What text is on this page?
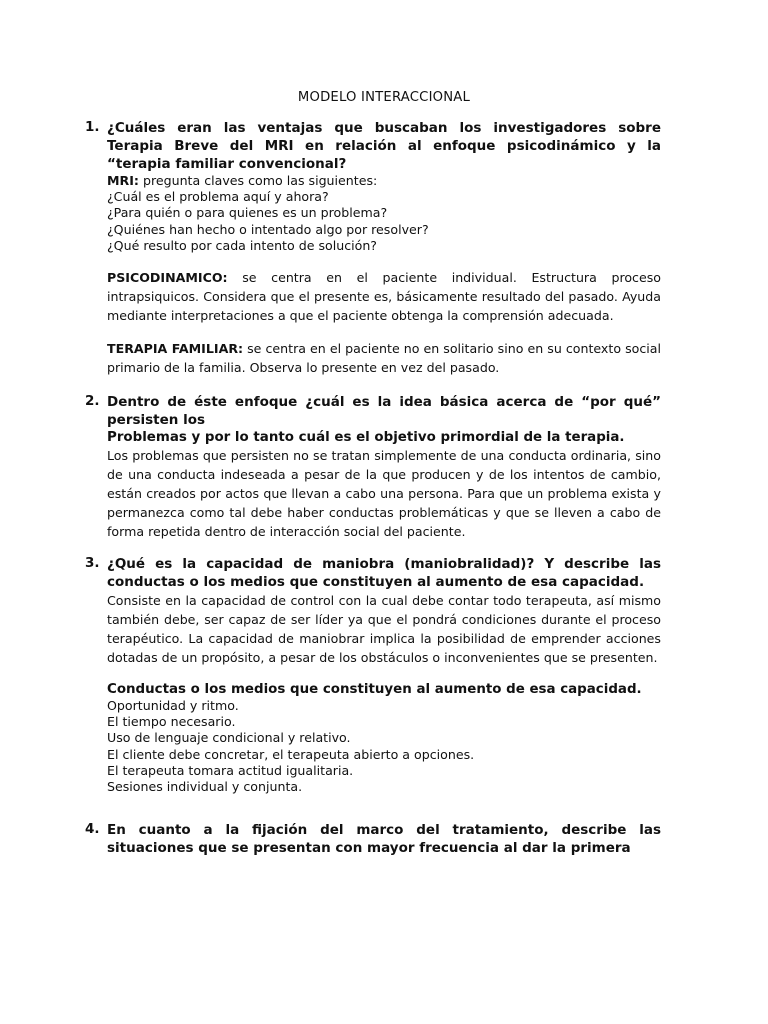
MODELO INTERACCIONAL
1. ¿Cuáles eran las ventajas que buscaban los investigadores sobre Terapia Breve del MRI en relación al enfoque psicodinámico y la “terapia familiar convencional?

MRI: pregunta claves como las siguientes:

¿Cuál es el problema aquí y ahora?

¿Para quién o para quienes es un problema?

¿Quiénes han hecho o intentado algo por resolver?

¿Qué resulto por cada intento de solución?

PSICODINAMICO: se centra en el paciente individual. Estructura proceso intrapsiquicos. Considera que el presente es, básicamente resultado del pasado. Ayuda mediante interpretaciones a que el paciente obtenga la comprensión adecuada.

TERAPIA FAMILIAR: se centra en el paciente no en solitario sino en su contexto social primario de la familia. Observa lo presente en vez del pasado.

2. Dentro de éste enfoque ¿cuál es la idea básica acerca de “por qué” persisten los

Problemas y por lo tanto cuál es el objetivo primordial de la terapia.

Los problemas que persisten no se tratan simplemente de una conducta ordinaria, sino de una conducta indeseada a pesar de la que producen y de los intentos de cambio, están creados por actos que llevan a cabo una persona. Para que un problema exista y permanezca como tal debe haber conductas problemáticas y que se lleven a cabo de forma repetida dentro de interacción social del paciente.

3. ¿Qué es la capacidad de maniobra (maniobralidad)? Y describe las conductas o los medios que constituyen al aumento de esa capacidad.

Consiste en la capacidad de control con la cual debe contar todo terapeuta, así mismo también debe, ser capaz de ser líder ya que el pondrá condiciones durante el proceso terapéutico. La capacidad de maniobrar implica la posibilidad de emprender acciones dotadas de un propósito, a pesar de los obstáculos o inconvenientes que se presenten.

Conductas o los medios que constituyen al aumento de esa capacidad.

Oportunidad y ritmo.

El tiempo necesario.

Uso de lenguaje condicional y relativo.

El cliente debe concretar, el terapeuta abierto a opciones.

El terapeuta tomara actitud igualitaria.

Sesiones individual y conjunta.

4. En cuanto a la fijación del marco del tratamiento, describe las situaciones que se presentan con mayor frecuencia al dar la primera
